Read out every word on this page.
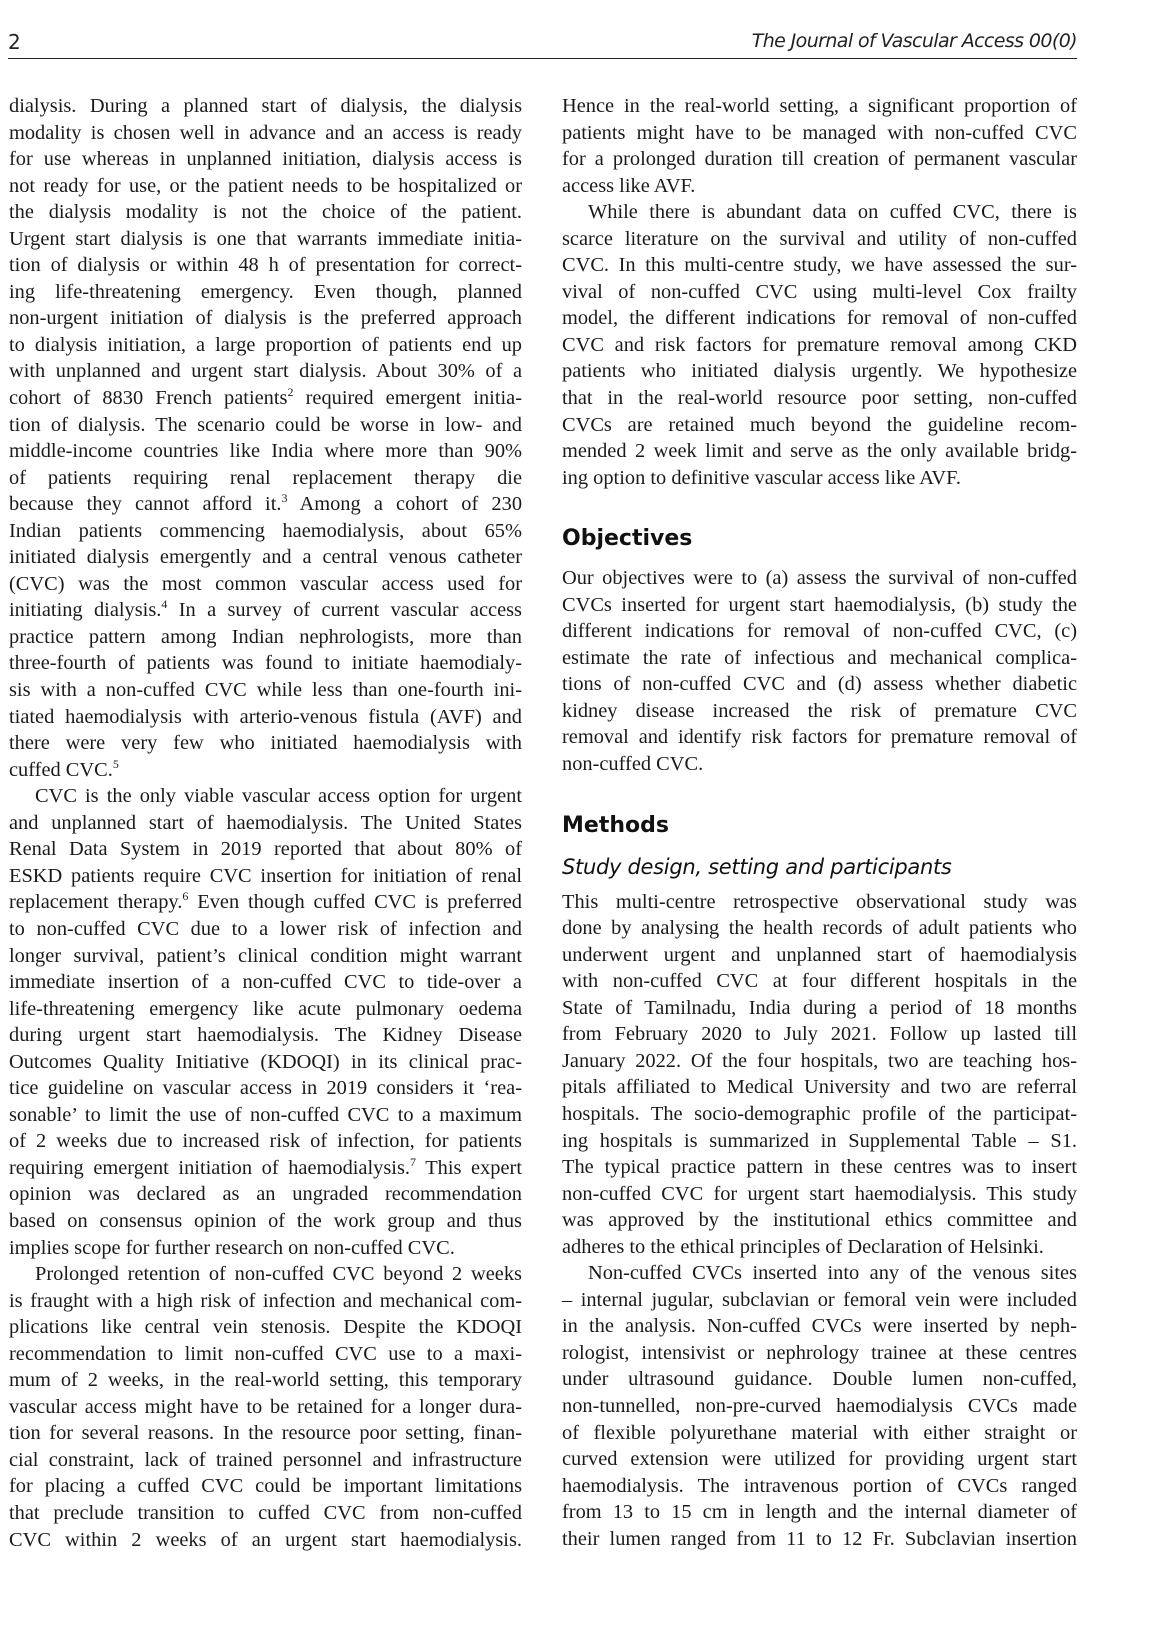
2	The Journal of Vascular Access 00(0)
dialysis. During a planned start of dialysis, the dialysis
modality is chosen well in advance and an access is ready
for use whereas in unplanned initiation, dialysis access is
not ready for use, or the patient needs to be hospitalized or
the dialysis modality is not the choice of the patient.
Urgent start dialysis is one that warrants immediate initia-
tion of dialysis or within 48 h of presentation for correct-
ing life-threatening emergency. Even though, planned
non-urgent initiation of dialysis is the preferred approach
to dialysis initiation, a large proportion of patients end up
with unplanned and urgent start dialysis. About 30% of a
cohort of 8830 French patients$^2$ required emergent initia-
tion of dialysis. The scenario could be worse in low- and
middle-income countries like India where more than 90%
of patients requiring renal replacement therapy die
because they cannot afford it.$^3$ Among a cohort of 230
Indian patients commencing haemodialysis, about 65%
initiated dialysis emergently and a central venous catheter
(CVC) was the most common vascular access used for
initiating dialysis.$^4$ In a survey of current vascular access
practice pattern among Indian nephrologists, more than
three-fourth of patients was found to initiate haemodialy-
sis with a non-cuffed CVC while less than one-fourth ini-
tiated haemodialysis with arterio-venous fistula (AVF) and
there were very few who initiated haemodialysis with
cuffed CVC.$^5$
CVC is the only viable vascular access option for urgent
and unplanned start of haemodialysis. The United States
Renal Data System in 2019 reported that about 80% of
ESKD patients require CVC insertion for initiation of renal
replacement therapy.$^6$ Even though cuffed CVC is preferred
to non-cuffed CVC due to a lower risk of infection and
longer survival, patient’s clinical condition might warrant
immediate insertion of a non-cuffed CVC to tide-over a
life-threatening emergency like acute pulmonary oedema
during urgent start haemodialysis. The Kidney Disease
Outcomes Quality Initiative (KDOQI) in its clinical prac-
tice guideline on vascular access in 2019 considers it ‘rea-
sonable’ to limit the use of non-cuffed CVC to a maximum
of 2 weeks due to increased risk of infection, for patients
requiring emergent initiation of haemodialysis.$^7$ This expert
opinion was declared as an ungraded recommendation
based on consensus opinion of the work group and thus
implies scope for further research on non-cuffed CVC.
Prolonged retention of non-cuffed CVC beyond 2 weeks
is fraught with a high risk of infection and mechanical com-
plications like central vein stenosis. Despite the KDOQI
recommendation to limit non-cuffed CVC use to a maxi-
mum of 2 weeks, in the real-world setting, this temporary
vascular access might have to be retained for a longer dura-
tion for several reasons. In the resource poor setting, finan-
cial constraint, lack of trained personnel and infrastructure
for placing a cuffed CVC could be important limitations
that preclude transition to cuffed CVC from non-cuffed
CVC within 2 weeks of an urgent start haemodialysis.
Hence in the real-world setting, a significant proportion of
patients might have to be managed with non-cuffed CVC
for a prolonged duration till creation of permanent vascular
access like AVF.
While there is abundant data on cuffed CVC, there is
scarce literature on the survival and utility of non-cuffed
CVC. In this multi-centre study, we have assessed the sur-
vival of non-cuffed CVC using multi-level Cox frailty
model, the different indications for removal of non-cuffed
CVC and risk factors for premature removal among CKD
patients who initiated dialysis urgently. We hypothesize
that in the real-world resource poor setting, non-cuffed
CVCs are retained much beyond the guideline recom-
mended 2 week limit and serve as the only available bridg-
ing option to definitive vascular access like AVF.
Objectives
Our objectives were to (a) assess the survival of non-cuffed
CVCs inserted for urgent start haemodialysis, (b) study the
different indications for removal of non-cuffed CVC, (c)
estimate the rate of infectious and mechanical complica-
tions of non-cuffed CVC and (d) assess whether diabetic
kidney disease increased the risk of premature CVC
removal and identify risk factors for premature removal of
non-cuffed CVC.
Methods
Study design, setting and participants
This multi-centre retrospective observational study was
done by analysing the health records of adult patients who
underwent urgent and unplanned start of haemodialysis
with non-cuffed CVC at four different hospitals in the
State of Tamilnadu, India during a period of 18 months
from February 2020 to July 2021. Follow up lasted till
January 2022. Of the four hospitals, two are teaching hos-
pitals affiliated to Medical University and two are referral
hospitals. The socio-demographic profile of the participat-
ing hospitals is summarized in Supplemental Table – S1.
The typical practice pattern in these centres was to insert
non-cuffed CVC for urgent start haemodialysis. This study
was approved by the institutional ethics committee and
adheres to the ethical principles of Declaration of Helsinki.
Non-cuffed CVCs inserted into any of the venous sites
– internal jugular, subclavian or femoral vein were included
in the analysis. Non-cuffed CVCs were inserted by neph-
rologist, intensivist or nephrology trainee at these centres
under ultrasound guidance. Double lumen non-cuffed,
non-tunnelled, non-pre-curved haemodialysis CVCs made
of flexible polyurethane material with either straight or
curved extension were utilized for providing urgent start
haemodialysis. The intravenous portion of CVCs ranged
from 13 to 15 cm in length and the internal diameter of
their lumen ranged from 11 to 12 Fr. Subclavian insertion
